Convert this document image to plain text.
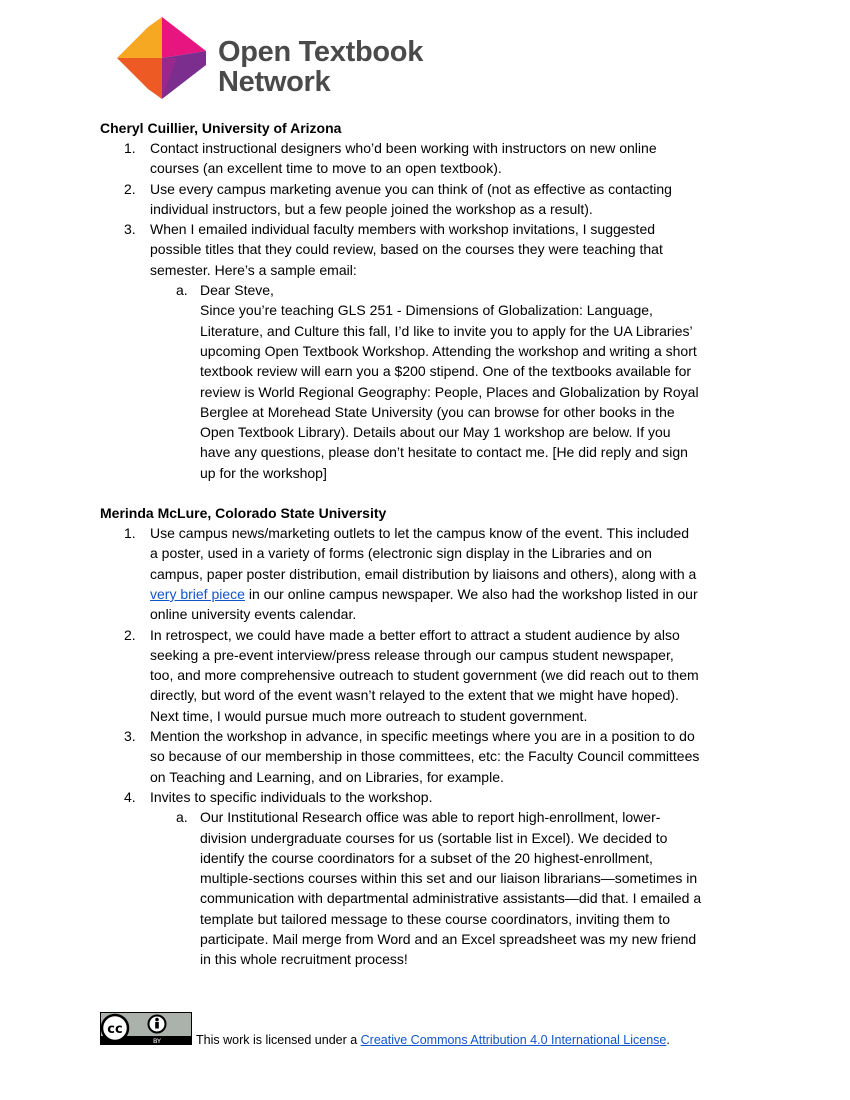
Open Textbook
Network
Cheryl Cuillier, University of Arizona
1. Contact instructional designers who’d been working with instructors on new online
courses (an excellent time to move to an open textbook).
2. Use every campus marketing avenue you can think of (not as effective as contacting
individual instructors, but a few people joined the workshop as a result).
3. When I emailed individual faculty members with workshop invitations, I suggested
possible titles that they could review, based on the courses they were teaching that
semester. Here’s a sample email:
a. Dear Steve,
Since you’re teaching GLS 251 - Dimensions of Globalization: Language,
Literature, and Culture this fall, I’d like to invite you to apply for the UA Libraries’
upcoming Open Textbook Workshop. Attending the workshop and writing a short
textbook review will earn you a $200 stipend. One of the textbooks available for
review is World Regional Geography: People, Places and Globalization by Royal
Berglee at Morehead State University (you can browse for other books in the
Open Textbook Library). Details about our May 1 workshop are below. If you
have any questions, please don’t hesitate to contact me. [He did reply and sign
up for the workshop]
Merinda McLure, Colorado State University
1. Use campus news/marketing outlets to let the campus know of the event. This included
a poster, used in a variety of forms (electronic sign display in the Libraries and on
campus, paper poster distribution, email distribution by liaisons and others), along with a
very brief piece in our online campus newspaper. We also had the workshop listed in our
online university events calendar.
2. In retrospect, we could have made a better effort to attract a student audience by also
seeking a pre-event interview/press release through our campus student newspaper,
too, and more comprehensive outreach to student government (we did reach out to them
directly, but word of the event wasn’t relayed to the extent that we might have hoped).
Next time, I would pursue much more outreach to student government.
3. Mention the workshop in advance, in specific meetings where you are in a position to do
so because of our membership in those committees, etc: the Faculty Council committees
on Teaching and Learning, and on Libraries, for example.
4. Invites to specific individuals to the workshop.
a. Our Institutional Research office was able to report high-enrollment, lower-
division undergraduate courses for us (sortable list in Excel). We decided to
identify the course coordinators for a subset of the 20 highest-enrollment,
multiple-sections courses within this set and our liaison librarians—sometimes in
communication with departmental administrative assistants—did that. I emailed a
template but tailored message to these course coordinators, inviting them to
participate. Mail merge from Word and an Excel spreadsheet was my new friend
in this whole recruitment process!
cc
BY	This work is licensed under a Creative Commons Attribution 4.0 International License.
